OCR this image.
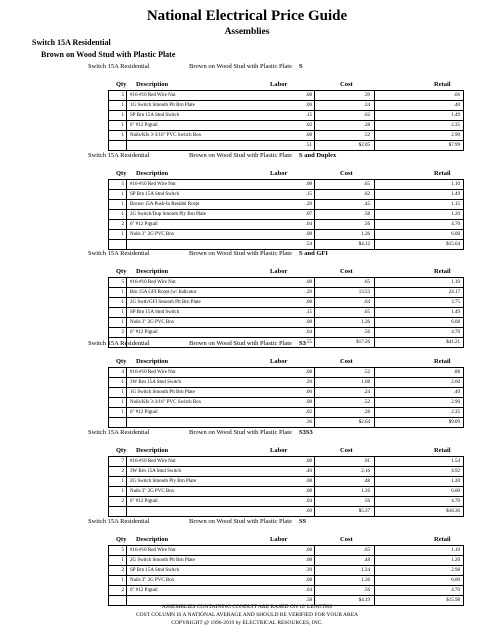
National Electrical Price Guide
Assemblies
Switch 15A Residential
Brown on Wood Stud with Plastic Plate
Switch 15A Residential	Brown on Wood Stud with Plastic Plate S
Qty Description	Labor	Cost	Retail
5 #16-#10 Red Wire Nut	.08	.39	.66
1 1G Switch Smooth Plt Brn Plate	.06	.24	.40
1 SP Brn 15A Stnd Switch	.15	.62	1.49
1 6" #12 Pigtail	.02	.28	2.35
1 Nails/Kfs 3-3/16" PVC Switch Box	.08	.52	2.90
.51	$2.05	$7.99
Switch 15A Residential	Brown on Wood Stud with Plastic Plate S and Duplex
Qty Description	Labor	Cost	Retail
5 #16-#10 Red Wire Nut	.08	.65	1.10
1 SP Brn 15A Stnd Switch	.15	.62	1.49
1 Brown 15A Push-In Residnl Rcept	.20	.45	1.15
1 2G Switch/Dup Smooth Ply Brn Plate	.07	.58	1.20
2 6" #12 Pigtail	.04	.56	4.70
1 Nails 3" 2G PVC Box	.08	1.26	6.00
.54	$4.12	$15.64
Switch 15A Residential	Brown on Wood Stud with Plastic Plate S and GFI
Qty Description	Labor	Cost	Retail
5 #16-#10 Red Wire Nut	.08	.65	1.10
1 Brn 15A GFI Rcept (w/ Indicator	.20	13.53	24.17
1 2G Swth/GFI Smooth Plt Brn Plate	.08	.64	3.75
1 SP Brn 15A Stnd Switch	.15	.65	1.49
1 Nails 3" 2G PVC Box	.08	1.26	6.08
2 6" #12 Pigtail	.04	.56	4.70
.55	$17.26	$41.21
Switch 15A Residential	Brown on Wood Stud with Plastic Plate S3
Qty Description	Labor	Cost	Retail
4 #16-#10 Red Wire Nut	.08	.52	.88
1 3W Brn 15A Stnd Switch	.20	1.08	2.60
1 1G Switch Smooth Plt Brn Plate	.06	.24	.40
1 Nails/Kfs 3-3/16" PVC Switch Box	.08	.52	2.90
1 6" #12 Pigtail	.02	.28	2.35
.36	$2.64	$9.09
Switch 15A Residential	Brown on Wood Stud with Plastic Plate S3S3
Qty Description	Labor	Cost	Retail
7 #16-#10 Red Wire Nut	.08	.91	1.54
2 3W Brn 15A Stnd Switch	.40	2.16	4.92
1 2G Switch Smooth Ply Brn Plate	.08	.48	1.20
1 Nails 3" 2G PVC Box	.08	1.26	6.00
2 6" #12 Pigtail	.04	.56	4.70
.60	$5.37	$18.36
Switch 15A Residential	Brown on Wood Stud with Plastic Plate SS
Qty Description	Labor	Cost	Retail
5 #16-#10 Red Wire Nut	.08	.65	1.10
1 2G Switch Smooth Plt Brn Plate	.08	.48	1.20
2 SP Brn 15A Stnd Switch	.30	1.24	2.98
1 Nails 3" 2G PVC Box	.08	1.26	6.00
2 6" #12 Pigtail	.04	.56	4.70
.58	$4.19	$15.98
ASSEMBLIES CONTAINING CONDUIT ARE BASED ON 10' LENGTHS
COST COLUMN IS A NATIONAL AVERAGE AND SHOULD BE VERIFIED FOR YOUR AREA
COPYRIGHT @ 1996-2019 by ELECTRICAL RESOURCES, INC.
